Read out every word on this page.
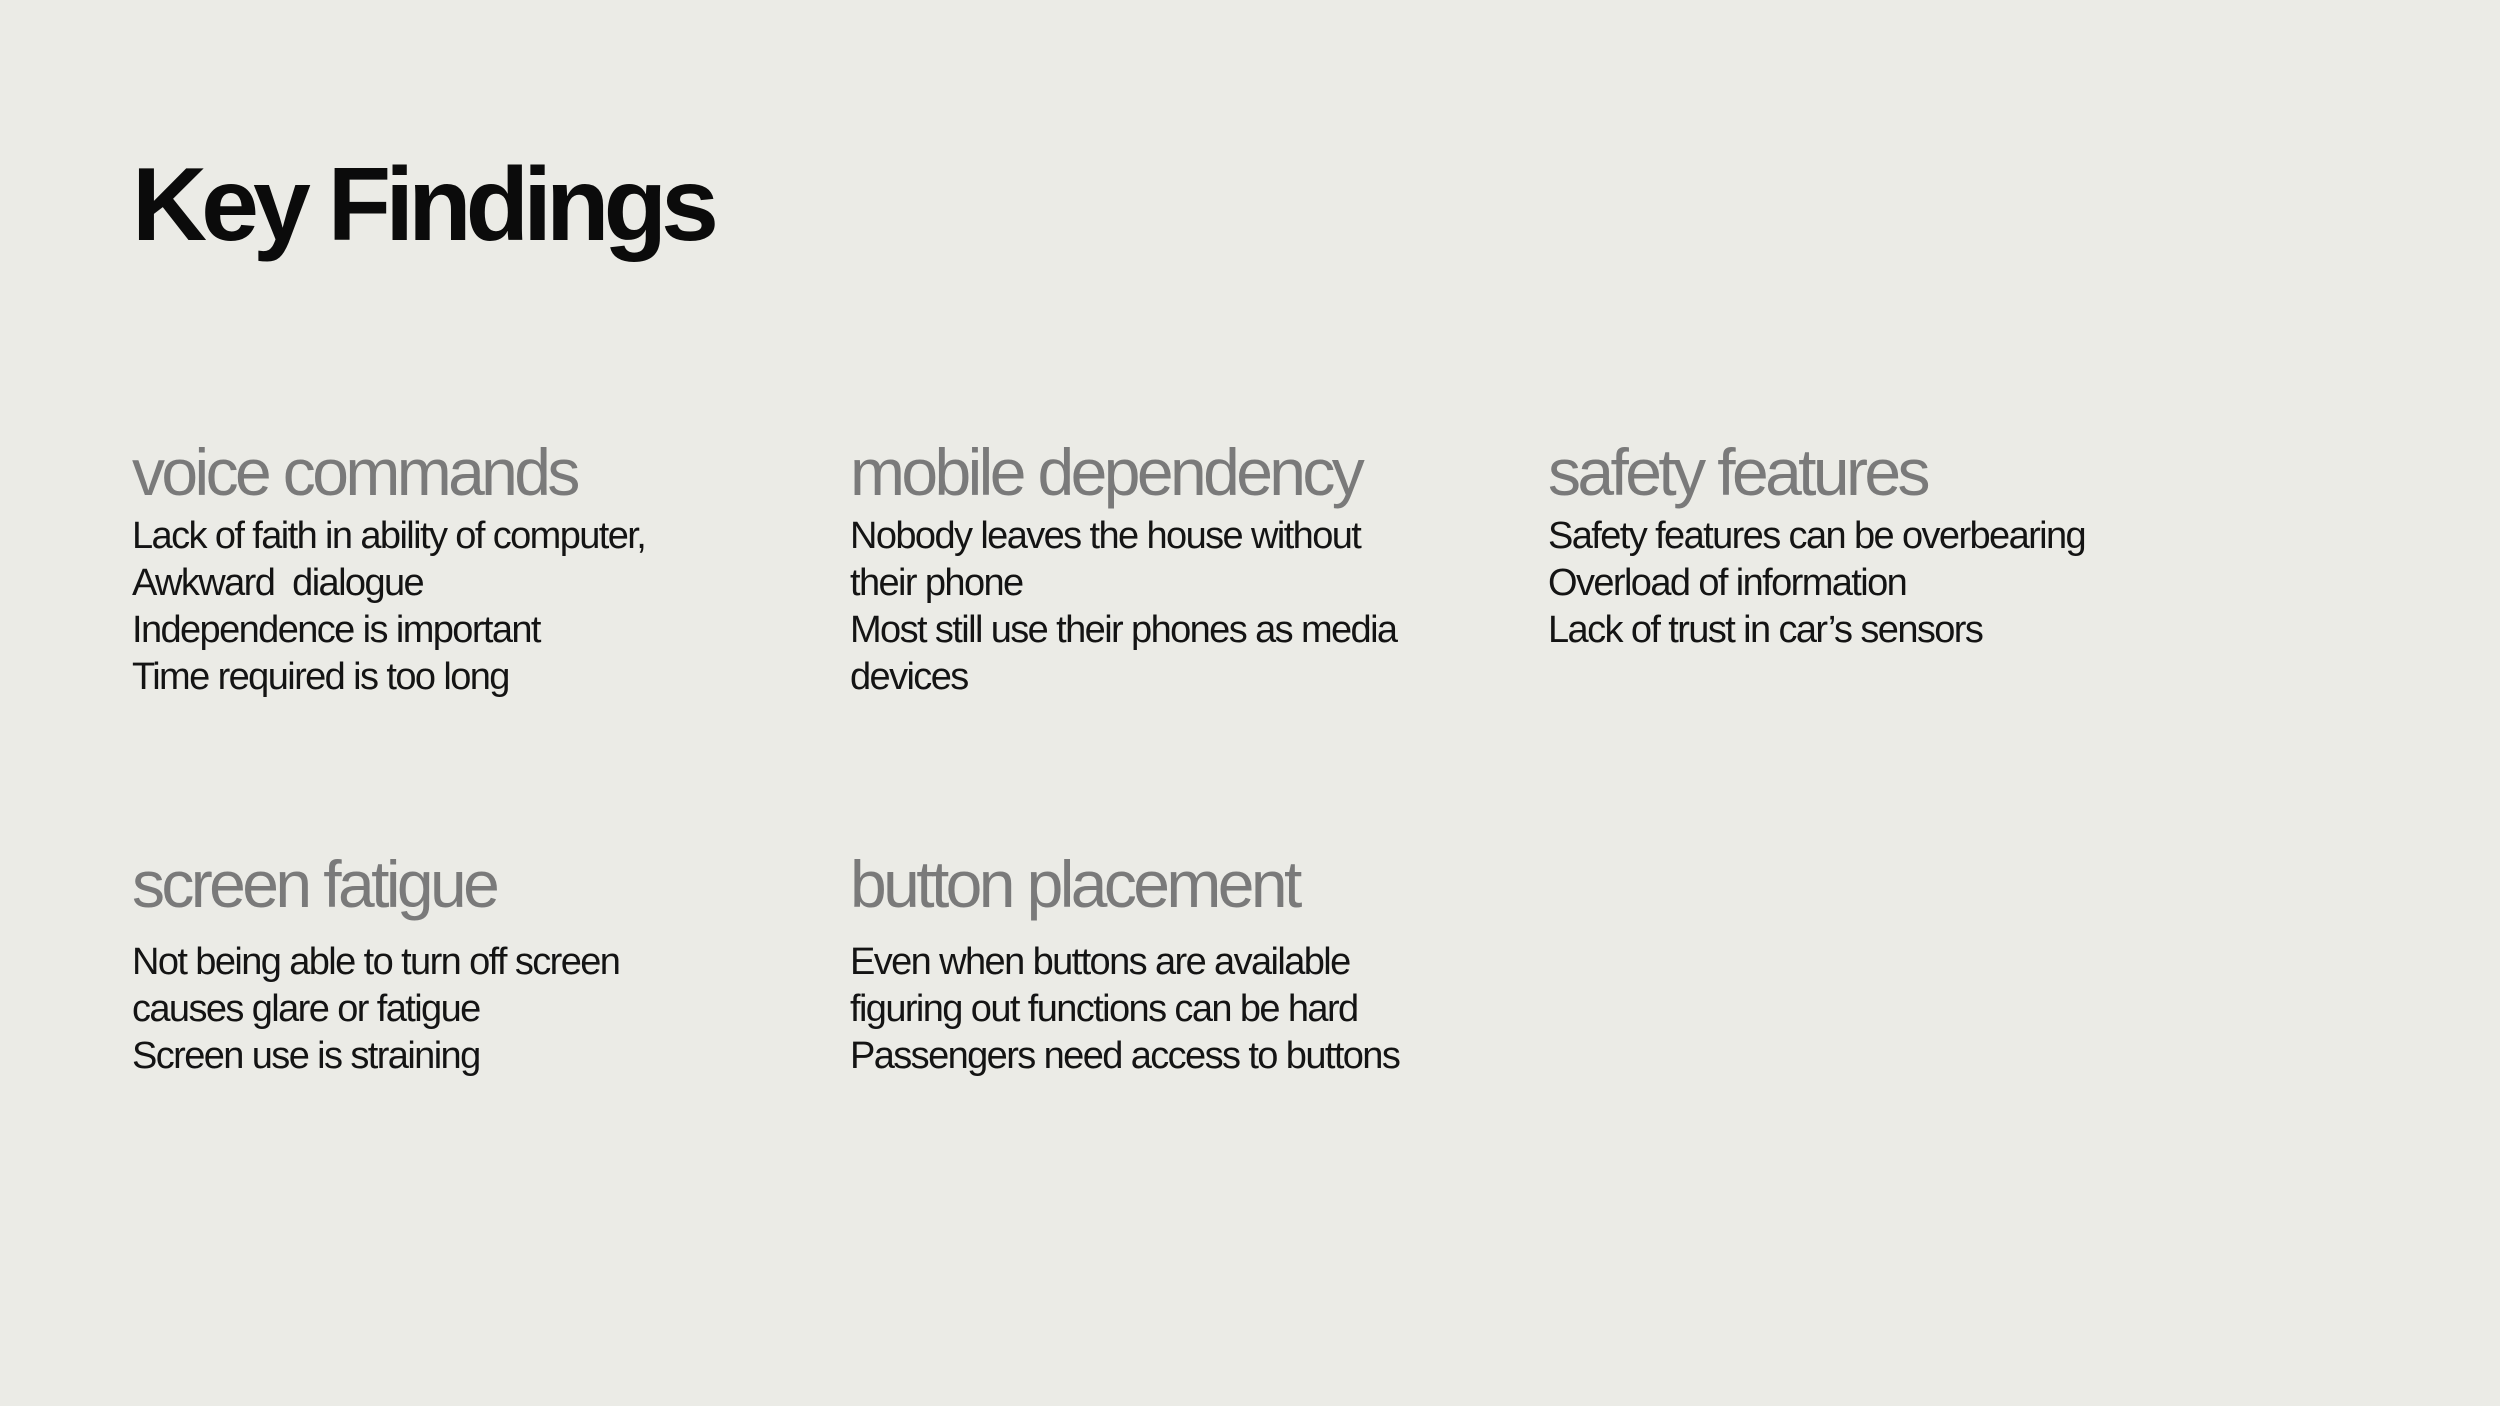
Key Findings
voice commands
Lack of faith in ability of computer,
Awkward  dialogue
Independence is important
Time required is too long
mobile dependency
Nobody leaves the house without
their phone
Most still use their phones as media
devices
safety features
Safety features can be overbearing
Overload of information
Lack of trust in car’s sensors
screen fatigue
Not being able to turn off screen
causes glare or fatigue
Screen use is straining
button placement
Even when buttons are available
figuring out functions can be hard
Passengers need access to buttons
